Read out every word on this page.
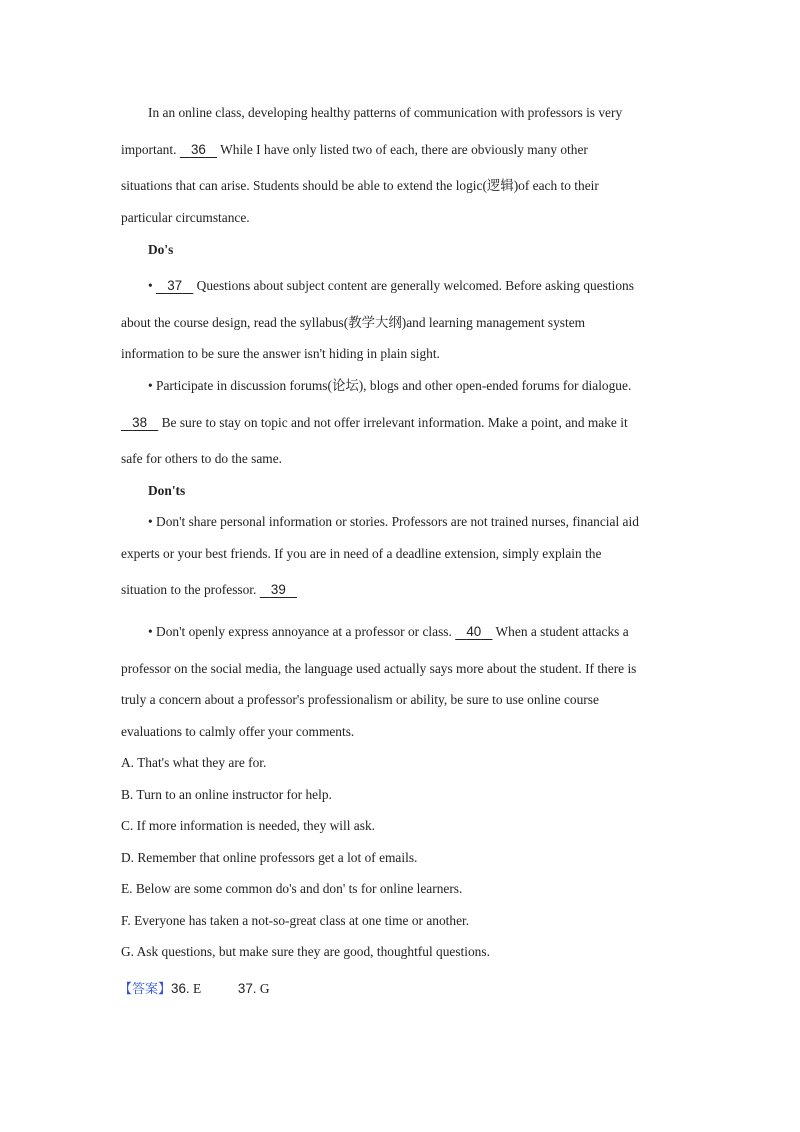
In an online class, developing healthy patterns of communication with professors is very
important.    36    While I have only listed two of each, there are obviously many other
situations that can arise. Students should be able to extend the logic(逻辑)of each to their
particular circumstance.
Do's
•    37    Questions about subject content are generally welcomed. Before asking questions
about the course design, read the syllabus(教学大纲)and learning management system
information to be sure the answer isn't hiding in plain sight.
• Participate in discussion forums(论坛), blogs and other open-ended forums for dialogue.
38    Be sure to stay on topic and not offer irrelevant information. Make a point, and make it
safe for others to do the same.
Don'ts
• Don't share personal information or stories. Professors are not trained nurses, financial aid
experts or your best friends. If you are in need of a deadline extension, simply explain the
situation to the professor.    39
• Don't openly express annoyance at a professor or class.    40    When a student attacks a
professor on the social media, the language used actually says more about the student. If there is
truly a concern about a professor's professionalism or ability, be sure to use online course
evaluations to calmly offer your comments.
A. That's what they are for.
B. Turn to an online instructor for help.
C. If more information is needed, they will ask.
D. Remember that online professors get a lot of emails.
E. Below are some common do's and don' ts for online learners.
F. Everyone has taken a not-so-great class at one time or another.
G. Ask questions, but make sure they are good, thoughtful questions.
【答案】36. E	37. G
